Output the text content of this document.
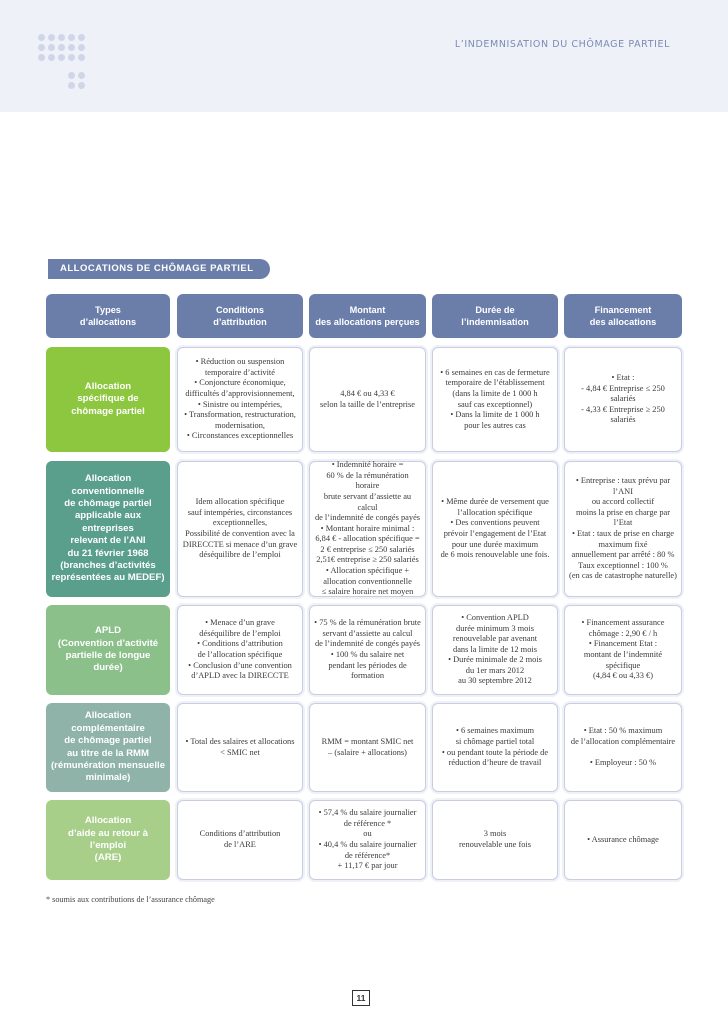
L’INDEMNISATION DU CHÔMAGE PARTIEL
ALLOCATIONS DE CHÔMAGE PARTIEL
Types
d’allocations
Conditions
d’attribution
Montant
des allocations perçues
Durée de
l’indemnisation
Financement
des allocations
Allocation
spécifique de
chômage partiel
• Réduction ou suspension
temporaire d’activité
• Conjoncture économique,
difficultés d’approvisionnement,
• Sinistre ou intempéries,
• Transformation, restructuration,
modernisation,
• Circonstances exceptionnelles
4,84 € ou 4,33 €
selon la taille de l’entreprise
• 6 semaines en cas de fermeture
temporaire de l’établissement
(dans la limite de 1 000 h
sauf cas exceptionnel)
• Dans la limite de 1 000 h
pour les autres cas
• Etat :
- 4,84 € Entreprise ≤ 250 salariés
- 4,33 € Entreprise ≥ 250 salariés
Allocation
conventionnelle
de chômage partiel
applicable aux entreprises
relevant de l’ANI
du 21 février 1968
(branches d’activités
représentées au MEDEF)
Idem allocation spécifique
sauf intempéries, circonstances
exceptionnelles,
Possibilité de convention avec la
DIRECCTE si menace d’un grave
déséquilibre de l’emploi
• Indemnité horaire =
60 % de la rémunération horaire
brute servant d’assiette au calcul
de l’indemnité de congés payés
• Montant horaire minimal :
6,84 € - allocation spécifique =
2 € entreprise ≤ 250 salariés
2,51€ entreprise ≥ 250 salariés
• Allocation spécifique +
allocation conventionnelle
≤ salaire horaire net moyen
• Même durée de versement que
l’allocation spécifique
• Des conventions peuvent
prévoir l’engagement de l’Etat
pour une durée maximum
de 6 mois renouvelable une fois.
• Entreprise : taux prévu par l’ANI
ou accord collectif
moins la prise en charge par l’Etat
• Etat : taux de prise en charge
maximum fixé
annuellement par arrêté : 80 %
Taux exceptionnel : 100 %
(en cas de catastrophe naturelle)
APLD
(Convention d’activité
partielle de longue durée)
• Menace d’un grave
déséquilibre de l’emploi
• Conditions d’attribution
de l’allocation spécifique
• Conclusion d’une convention
d’APLD avec la DIRECCTE
• 75 % de la rémunération brute
servant d’assiette au calcul
de l’indemnité de congés payés
• 100 % du salaire net
pendant les périodes de formation
• Convention APLD
durée minimum 3 mois
renouvelable par avenant
dans la limite de 12 mois
• Durée minimale de 2 mois
du 1er mars 2012
au 30 septembre 2012
• Financement assurance
chômage : 2,90 € / h
• Financement Etat :
montant de l’indemnité spécifique
(4,84 € ou 4,33 €)
Allocation
complémentaire
de chômage partiel
au titre de la RMM
(rémunération mensuelle
minimale)
• Total des salaires et allocations
< SMIC net
RMM = montant SMIC net
– (salaire + allocations)
• 6 semaines maximum
si chômage partiel total
• ou pendant toute la période de
réduction d’heure de travail
• Etat : 50 % maximum
de l’allocation complémentaire

• Employeur : 50 %
Allocation
d’aide au retour à l’emploi
(ARE)
Conditions d’attribution
de l’ARE
• 57,4 % du salaire journalier
de référence *
ou
• 40,4 % du salaire journalier
de référence*
+ 11,17 € par jour
3 mois
renouvelable une fois
• Assurance chômage
* soumis aux contributions de l’assurance chômage
11
